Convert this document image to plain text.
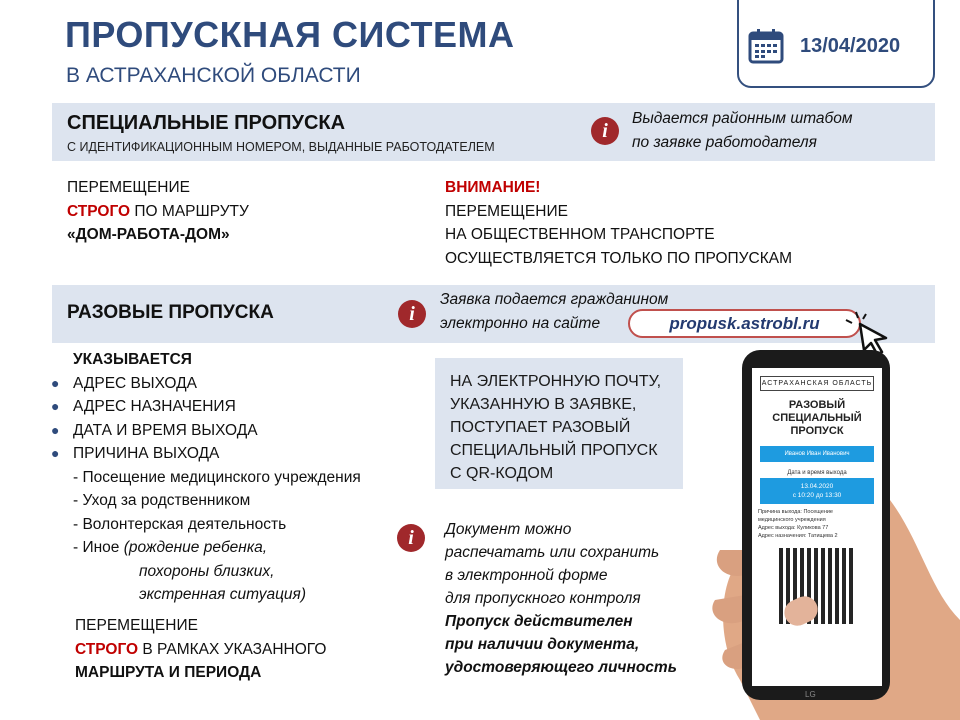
ПРОПУСКНАЯ СИСТЕМА
В АСТРАХАНСКОЙ ОБЛАСТИ
13/04/2020
СПЕЦИАЛЬНЫЕ ПРОПУСКА
С ИДЕНТИФИКАЦИОННЫМ НОМЕРОМ, ВЫДАННЫЕ РАБОТОДАТЕЛЕМ
i
Выдается районным штабом
по заявке работодателя
ПЕРЕМЕЩЕНИЕ
СТРОГО ПО МАРШРУТУ
«ДОМ-РАБОТА-ДОМ»
ВНИМАНИЕ!
ПЕРЕМЕЩЕНИЕ
НА ОБЩЕСТВЕННОМ ТРАНСПОРТЕ
ОСУЩЕСТВЛЯЕТСЯ ТОЛЬКО ПО ПРОПУСКАМ
РАЗОВЫЕ ПРОПУСКА	i
Заявка подается гражданином
электронно на сайте	propusk.astrobl.ru
УКАЗЫВАЕТСЯ
● АДРЕС ВЫХОДА
● АДРЕС НАЗНАЧЕНИЯ
● ДАТА И ВРЕМЯ ВЫХОДА
● ПРИЧИНА ВЫХОДА
- Посещение медицинского учреждения
- Уход за родственником
- Волонтерская деятельность
- Иное (рождение ребенка,
похороны близких,
экстренная ситуация)
ПЕРЕМЕЩЕНИЕ
СТРОГО В РАМКАХ УКАЗАННОГО
МАРШРУТА И ПЕРИОДА
НА ЭЛЕКТРОННУЮ ПОЧТУ,
УКАЗАННУЮ В ЗАЯВКЕ,
ПОСТУПАЕТ РАЗОВЫЙ
СПЕЦИАЛЬНЫЙ ПРОПУСК
С QR-КОДОМ
i	Документ можно
распечатать или сохранить
в электронной форме
для пропускного контроля
Пропуск действителен
при наличии документа,
удостоверяющего личность
АСТРАХАНСКАЯ ОБЛАСТЬ
РАЗОВЫЙ
СПЕЦИАЛЬНЫЙ
ПРОПУСК
Иванов Иван Иванович
Дата и время выхода
13.04.2020
с 10:20 до 13:30
Причина выхода: Посещение
медицинского учреждения
Адрес выхода: Куликова 77
Адрес назначения: Татищева 2
LG
